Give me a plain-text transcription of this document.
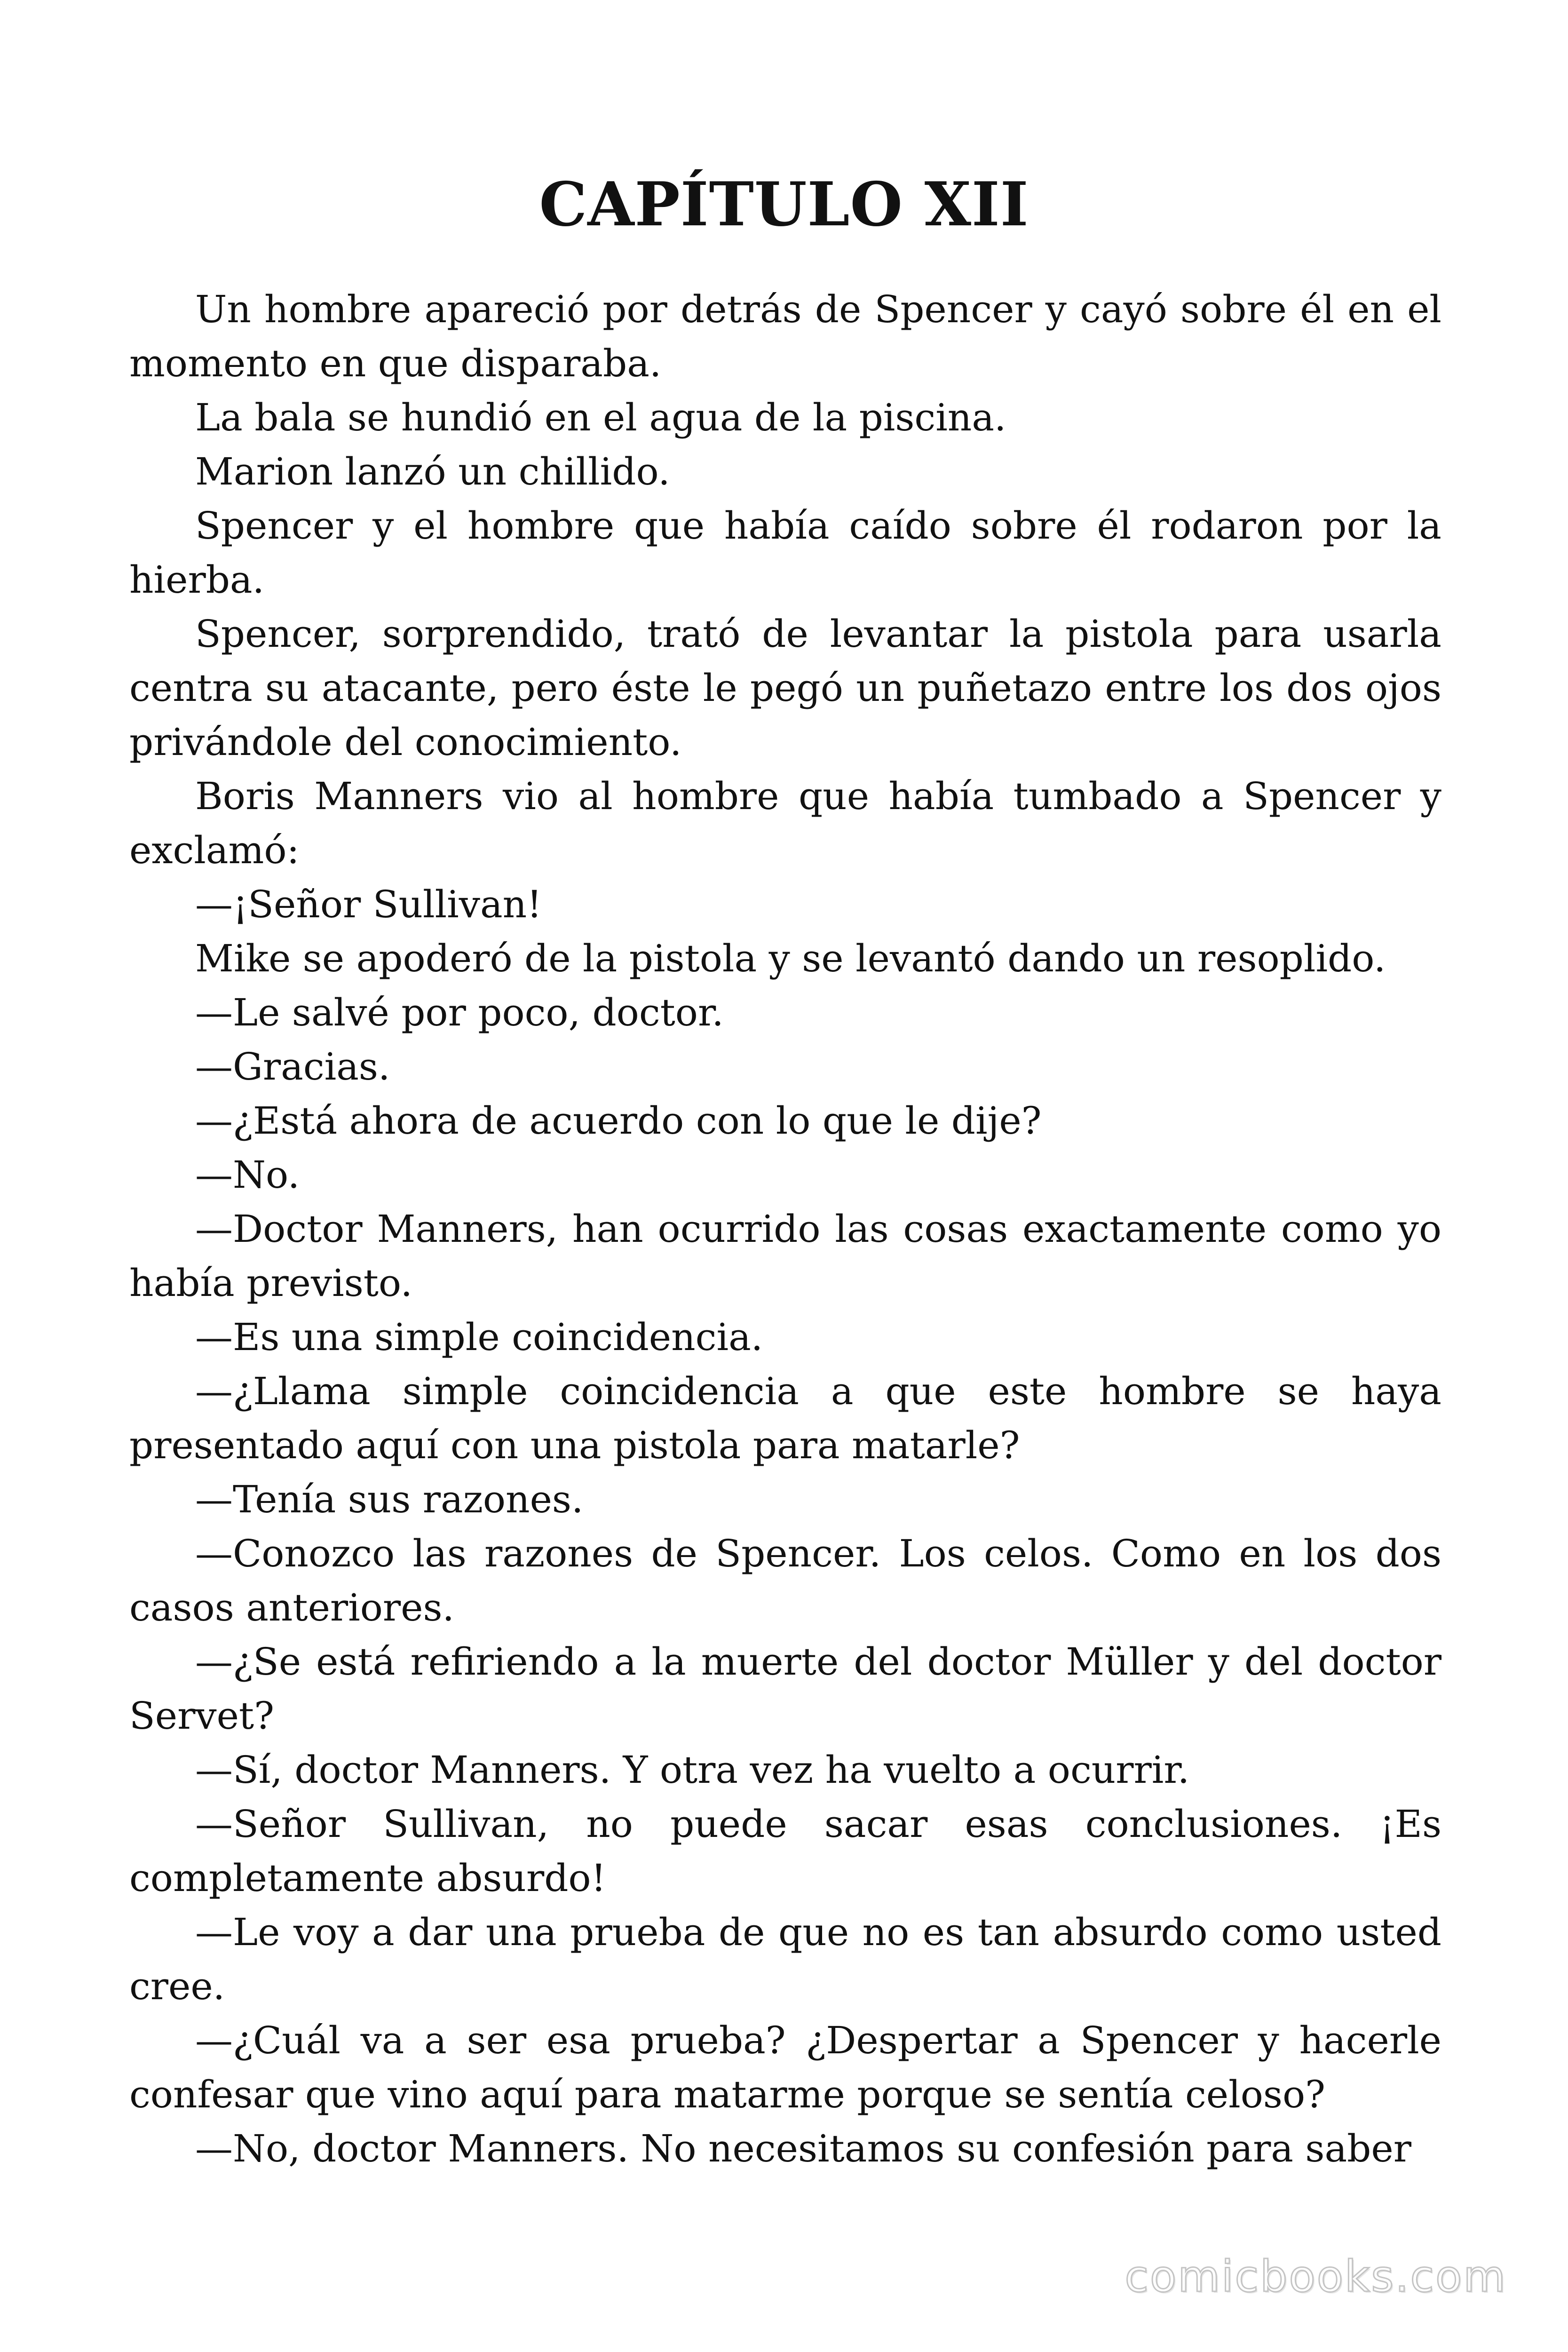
CAPÍTULO XII

Un hombre apareció por detrás de Spencer y cayó sobre él en el momento en que disparaba.

La bala se hundió en el agua de la piscina.

Marion lanzó un chillido.

Spencer y el hombre que había caído sobre él rodaron por la hierba.

Spencer, sorprendido, trató de levantar la pistola para usarla centra su atacante, pero éste le pegó un puñetazo entre los dos ojos privándole del conocimiento.

Boris Manners vio al hombre que había tumbado a Spencer y exclamó:

—¡Señor Sullivan!

Mike se apoderó de la pistola y se levantó dando un resoplido.

—Le salvé por poco, doctor.

—Gracias.

—¿Está ahora de acuerdo con lo que le dije?

—No.

—Doctor Manners, han ocurrido las cosas exactamente como yo había previsto.

—Es una simple coincidencia.

—¿Llama simple coincidencia a que este hombre se haya presentado aquí con una pistola para matarle?

—Tenía sus razones.

—Conozco las razones de Spencer. Los celos. Como en los dos casos anteriores.

—¿Se está refiriendo a la muerte del doctor Müller y del doctor Servet?

—Sí, doctor Manners. Y otra vez ha vuelto a ocurrir.

—Señor Sullivan, no puede sacar esas conclusiones. ¡Es completamente absurdo!

—Le voy a dar una prueba de que no es tan absurdo como usted cree.

—¿Cuál va a ser esa prueba? ¿Despertar a Spencer y hacerle confesar que vino aquí para matarme porque se sentía celoso?

—No, doctor Manners. No necesitamos su confesión para saber

comicbooks.com
